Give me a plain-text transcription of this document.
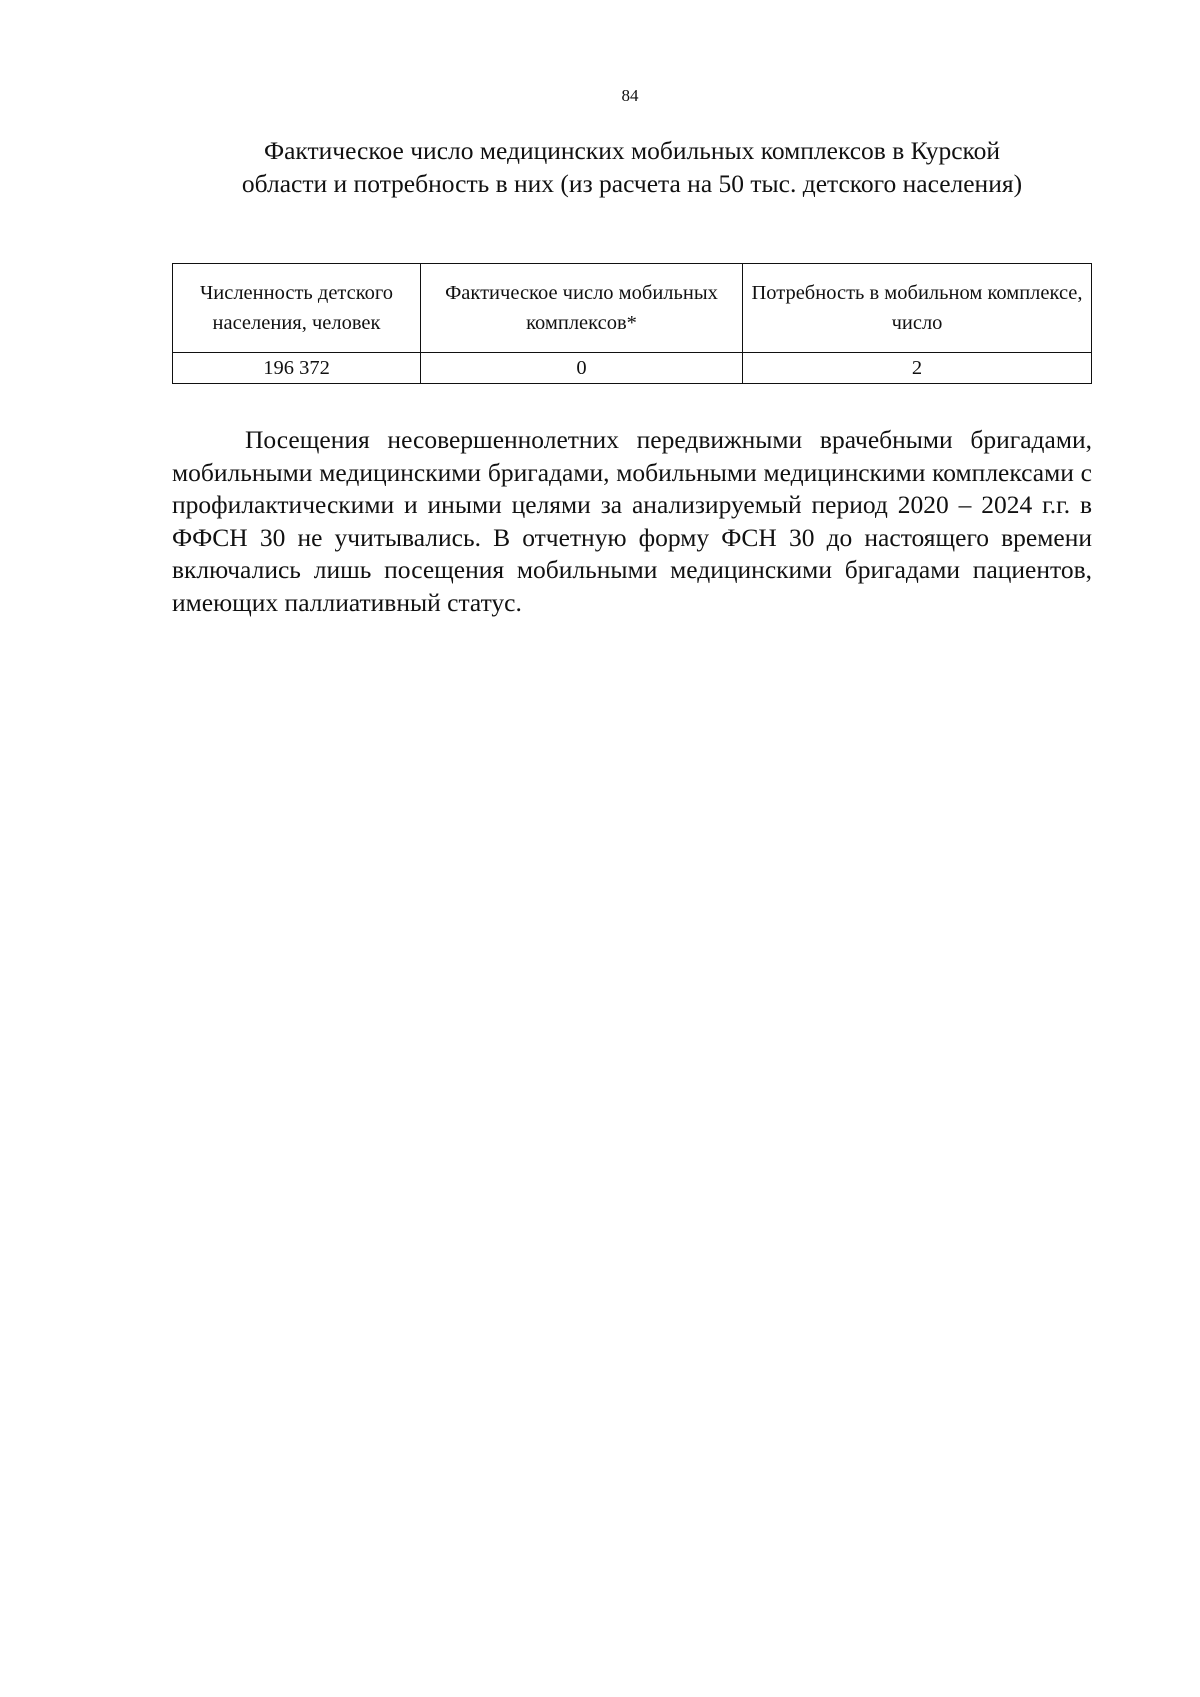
84
Фактическое число медицинских мобильных комплексов в Курской
области и потребность в них (из расчета на 50 тыс. детского населения)
Численность детского населения, человек	Фактическое число мобильных комплексов*	Потребность в мобильном комплексе, число
196 372	0	2

Посещения несовершеннолетних передвижными врачебными бригадами, мобильными медицинскими бригадами, мобильными медицинскими комплексами с профилактическими и иными целями за анализируемый период 2020 – 2024 г.г. в ФФСН 30 не учитывались. В отчетную форму ФСН 30 до настоящего времени включались лишь посещения мобильными медицинскими бригадами пациентов, имеющих паллиативный статус.
